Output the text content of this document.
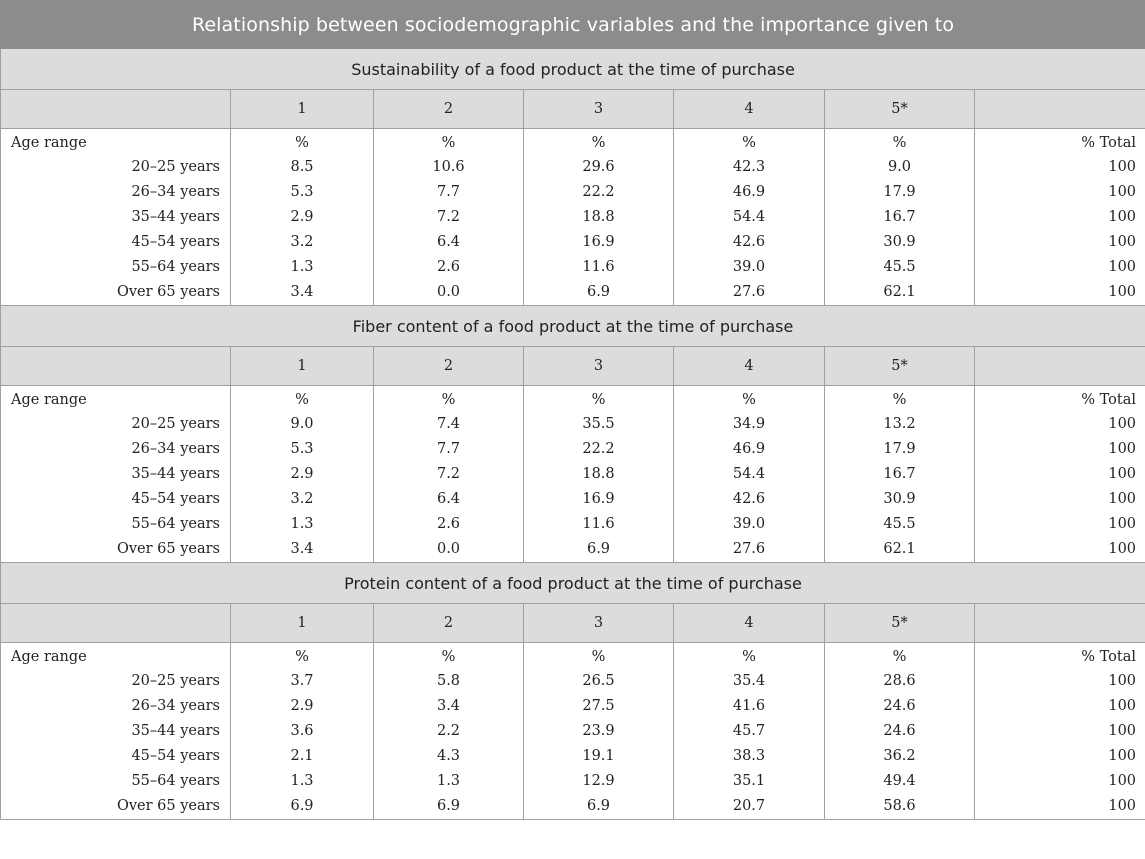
Relationship between sociodemographic variables and the importance given to						
Sustainability of a food product at the time of purchase						
	1	2	3	4	5*	
Age range	%	%	%	%	%	% Total
20–25 years	8.5	10.6	29.6	42.3	9.0	100
26–34 years	5.3	7.7	22.2	46.9	17.9	100
35–44 years	2.9	7.2	18.8	54.4	16.7	100
45–54 years	3.2	6.4	16.9	42.6	30.9	100
55–64 years	1.3	2.6	11.6	39.0	45.5	100
Over 65 years	3.4	0.0	6.9	27.6	62.1	100
Fiber content of a food product at the time of purchase						
	1	2	3	4	5*	
Age range	%	%	%	%	%	% Total
20–25 years	9.0	7.4	35.5	34.9	13.2	100
26–34 years	5.3	7.7	22.2	46.9	17.9	100
35–44 years	2.9	7.2	18.8	54.4	16.7	100
45–54 years	3.2	6.4	16.9	42.6	30.9	100
55–64 years	1.3	2.6	11.6	39.0	45.5	100
Over 65 years	3.4	0.0	6.9	27.6	62.1	100
Protein content of a food product at the time of purchase						
	1	2	3	4	5*	
Age range	%	%	%	%	%	% Total
20–25 years	3.7	5.8	26.5	35.4	28.6	100
26–34 years	2.9	3.4	27.5	41.6	24.6	100
35–44 years	3.6	2.2	23.9	45.7	24.6	100
45–54 years	2.1	4.3	19.1	38.3	36.2	100
55–64 years	1.3	1.3	12.9	35.1	49.4	100
Over 65 years	6.9	6.9	6.9	20.7	58.6	100
